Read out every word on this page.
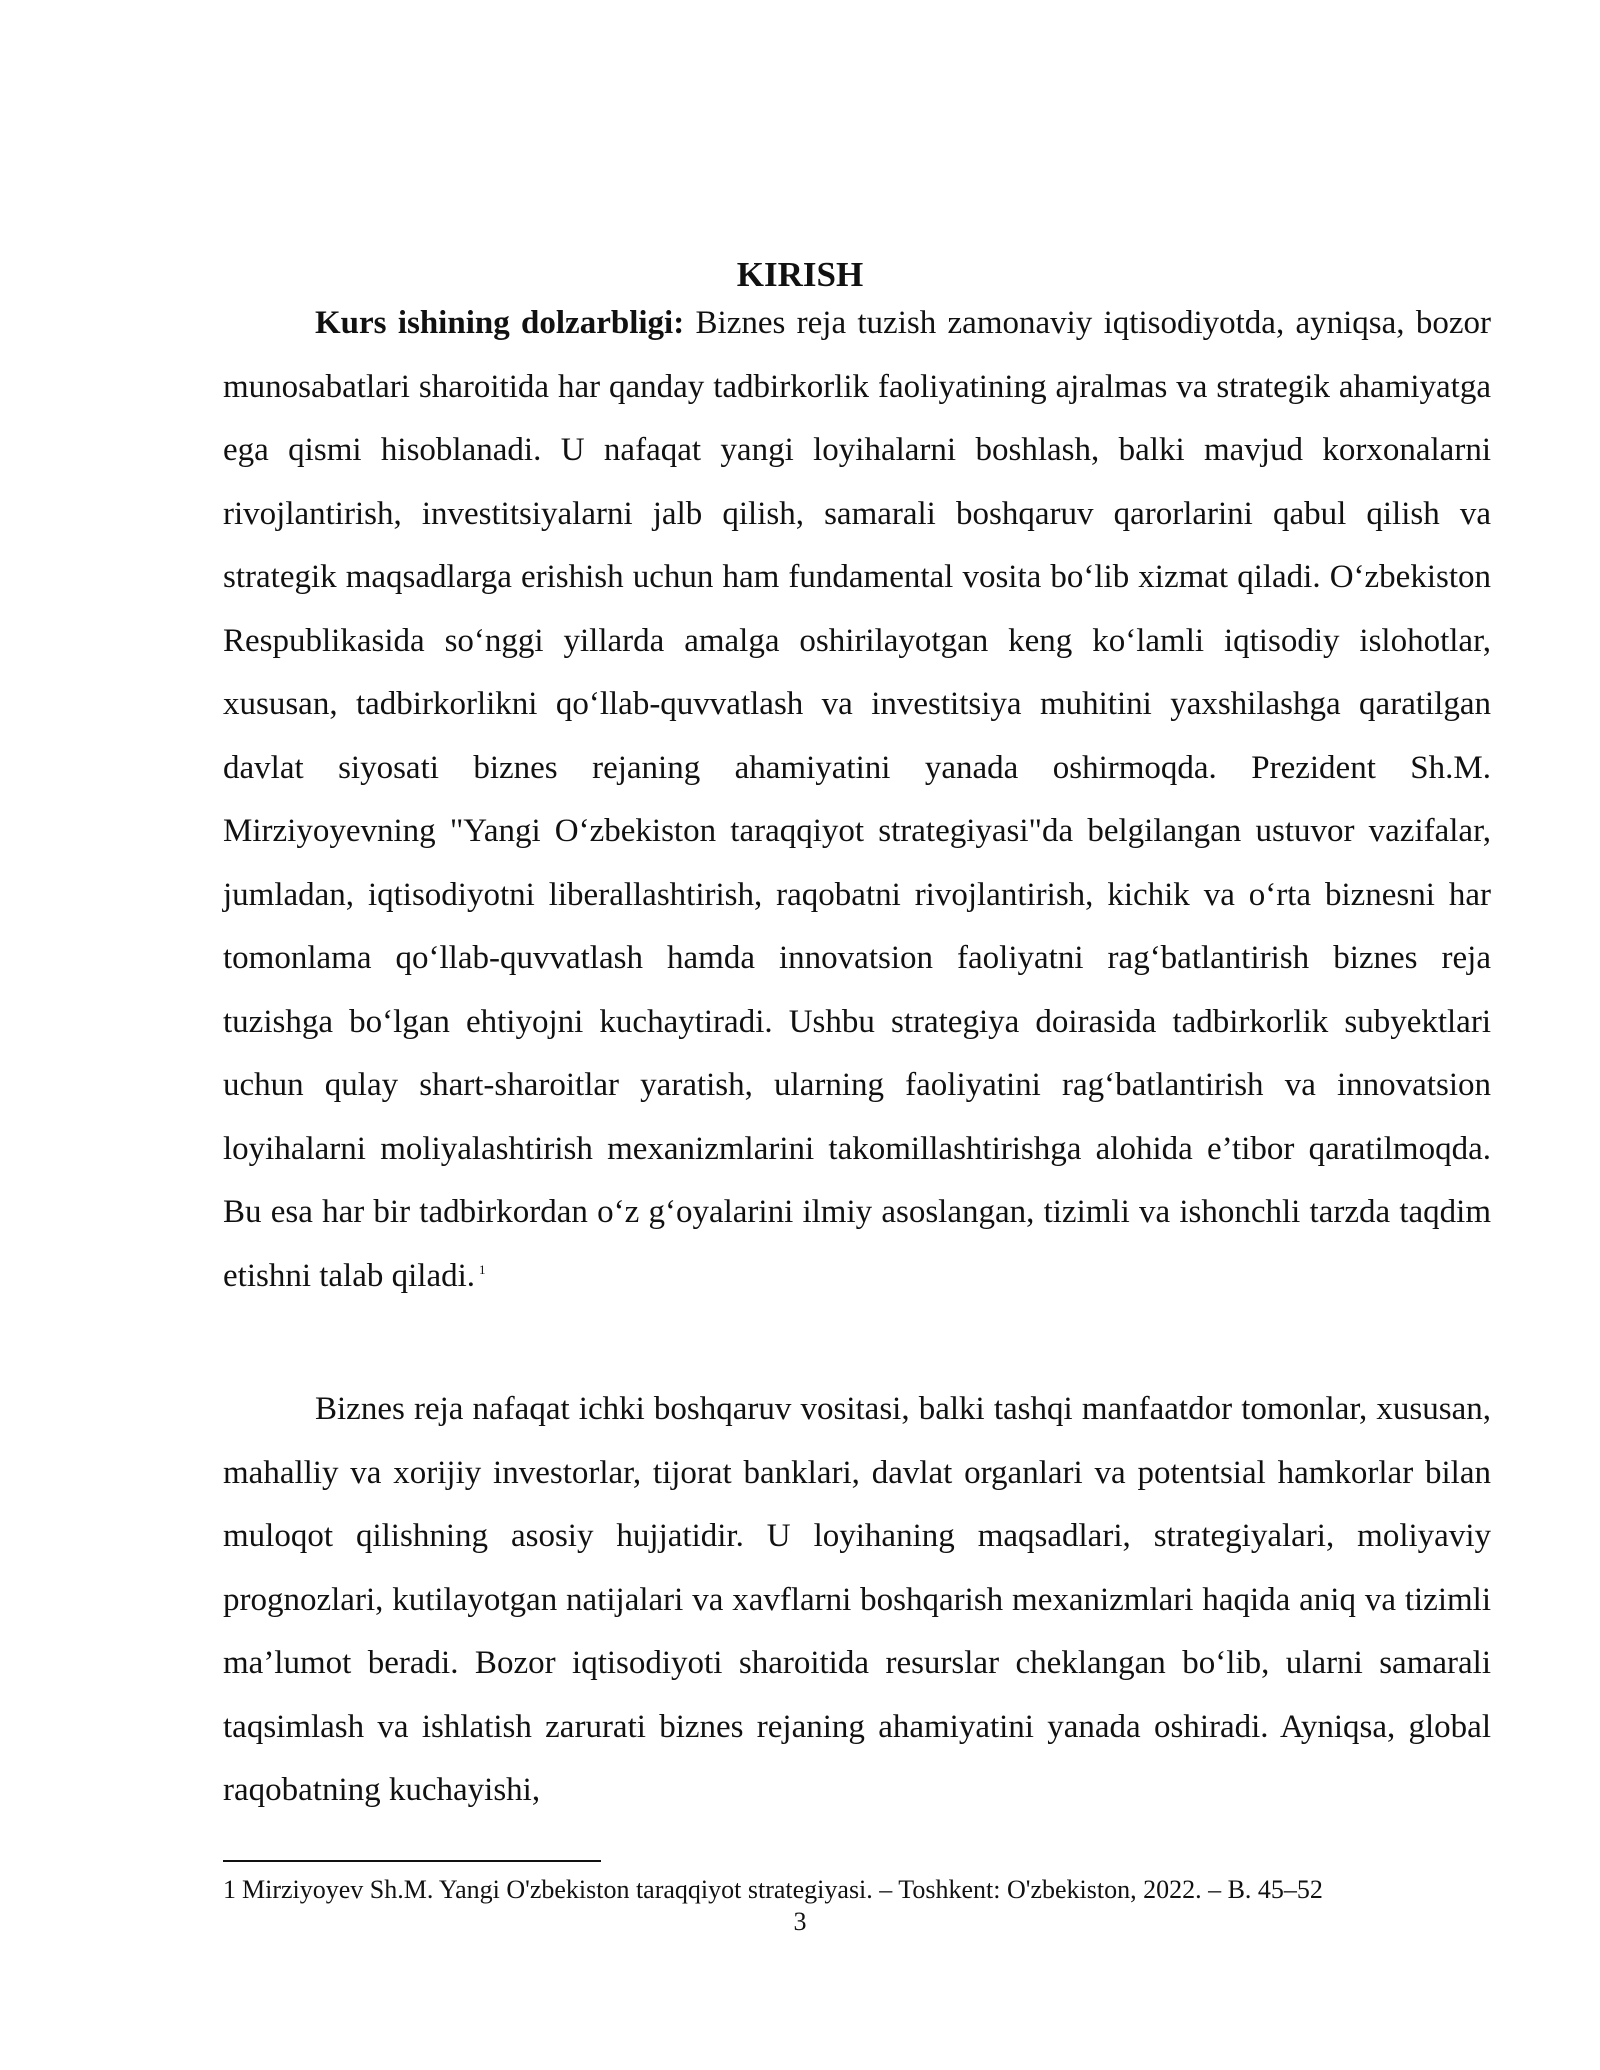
KIRISH

Kurs ishining dolzarbligi: Biznes reja tuzish zamonaviy iqtisodiyotda, ayniqsa, bozor munosabatlari sharoitida har qanday tadbirkorlik faoliyatining ajralmas va strategik ahamiyatga ega qismi hisoblanadi. U nafaqat yangi loyihalarni boshlash, balki mavjud korxonalarni rivojlantirish, investitsiyalarni jalb qilish, samarali boshqaruv qarorlarini qabul qilish va strategik maqsadlarga erishish uchun ham fundamental vosita bo‘lib xizmat qiladi. O‘zbekiston Respublikasida so‘nggi yillarda amalga oshirilayotgan keng ko‘lamli iqtisodiy islohotlar, xususan, tadbirkorlikni qo‘llab-quvvatlash va investitsiya muhitini yaxshilashga qaratilgan davlat siyosati biznes rejaning ahamiyatini yanada oshirmoqda. Prezident Sh.M. Mirziyoyevning "Yangi O‘zbekiston taraqqiyot strategiyasi"da belgilangan ustuvor vazifalar, jumladan, iqtisodiyotni liberallashtirish, raqobatni rivojlantirish, kichik va o‘rta biznesni har tomonlama qo‘llab-quvvatlash hamda innovatsion faoliyatni rag‘batlantirish biznes reja tuzishga bo‘lgan ehtiyojni kuchaytiradi. Ushbu strategiya doirasida tadbirkorlik subyektlari uchun qulay shart-sharoitlar yaratish, ularning faoliyatini rag‘batlantirish va innovatsion loyihalarni moliyalashtirish mexanizmlarini takomillashtirishga alohida e’tibor qaratilmoqda. Bu esa har bir tadbirkordan o‘z g‘oyalarini ilmiy asoslangan, tizimli va ishonchli tarzda taqdim etishni talab qiladi. $^1$

Biznes reja nafaqat ichki boshqaruv vositasi, balki tashqi manfaatdor tomonlar, xususan, mahalliy va xorijiy investorlar, tijorat banklari, davlat organlari va potentsial hamkorlar bilan muloqot qilishning asosiy hujjatidir. U loyihaning maqsadlari, strategiyalari, moliyaviy prognozlari, kutilayotgan natijalari va xavflarni boshqarish mexanizmlari haqida aniq va tizimli ma’lumot beradi. Bozor iqtisodiyoti sharoitida resurslar cheklangan bo‘lib, ularni samarali taqsimlash va ishlatish zarurati biznes rejaning ahamiyatini yanada oshiradi. Ayniqsa, global raqobatning kuchayishi,

1 Mirziyoyev Sh.M. Yangi O'zbekiston taraqqiyot strategiyasi. – Toshkent: O'zbekiston, 2022. – B. 45–52

3
